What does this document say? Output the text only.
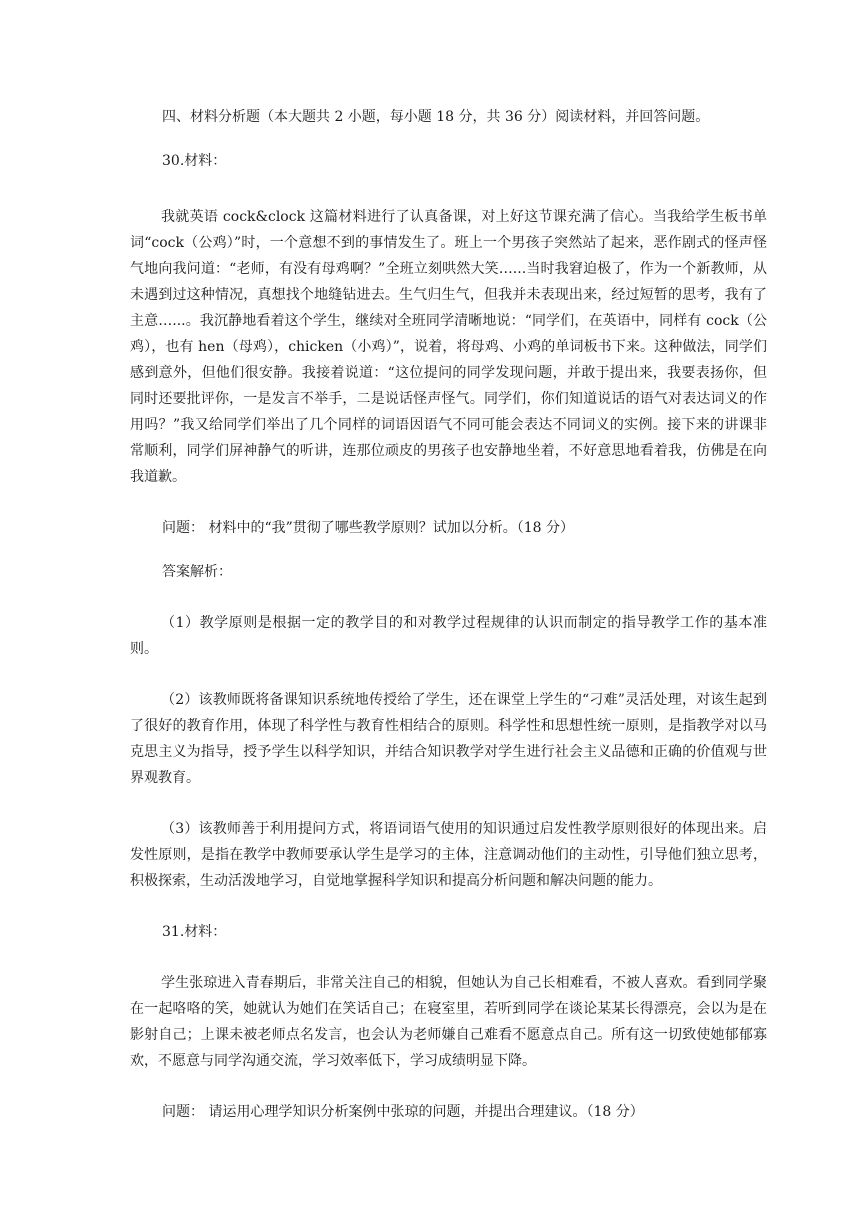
四、材料分析题（本大题共 2 小题，每小题 18 分，共 36 分）阅读材料，并回答问题。

30.材料：

我就英语 cock&clock 这篇材料进行了认真备课，对上好这节课充满了信心。当我给学生板书单词“cock（公鸡）”时，一个意想不到的事情发生了。班上一个男孩子突然站了起来，恶作剧式的怪声怪气地向我问道：“老师，有没有母鸡啊？”全班立刻哄然大笑…...当时我窘迫极了，作为一个新教师，从未遇到过这种情况，真想找个地缝钻进去。生气归生气，但我并未表现出来，经过短暂的思考，我有了主意…...。我沉静地看着这个学生，继续对全班同学清晰地说：“同学们，在英语中，同样有 cock（公鸡），也有 hen（母鸡），chicken（小鸡）”，说着，将母鸡、小鸡的单词板书下来。这种做法，同学们感到意外，但他们很安静。我接着说道：“这位提问的同学发现问题，并敢于提出来，我要表扬你，但同时还要批评你，一是发言不举手，二是说话怪声怪气。同学们，你们知道说话的语气对表达词义的作用吗？”我又给同学们举出了几个同样的词语因语气不同可能会表达不同词义的实例。接下来的讲课非常顺利，同学们屏神静气的听讲，连那位顽皮的男孩子也安静地坐着，不好意思地看着我，仿佛是在向我道歉。

问题： 材料中的“我”贯彻了哪些教学原则？试加以分析。（18 分）

答案解析：

（1）教学原则是根据一定的教学目的和对教学过程规律的认识而制定的指导教学工作的基本准则。

（2）该教师既将备课知识系统地传授给了学生，还在课堂上学生的“刁难”灵活处理，对该生起到了很好的教育作用，体现了科学性与教育性相结合的原则。科学性和思想性统一原则，是指教学对以马克思主义为指导，授予学生以科学知识，并结合知识教学对学生进行社会主义品德和正确的价值观与世界观教育。

（3）该教师善于利用提问方式，将语词语气使用的知识通过启发性教学原则很好的体现出来。启发性原则，是指在教学中教师要承认学生是学习的主体，注意调动他们的主动性，引导他们独立思考，积极探索，生动活泼地学习，自觉地掌握科学知识和提高分析问题和解决问题的能力。

31.材料：

学生张琼进入青春期后，非常关注自己的相貌，但她认为自己长相难看，不被人喜欢。看到同学聚在一起咯咯的笑，她就认为她们在笑话自己；在寝室里，若听到同学在谈论某某长得漂亮，会以为是在影射自己；上课未被老师点名发言，也会认为老师嫌自己难看不愿意点自己。所有这一切致使她郁郁寡欢，不愿意与同学沟通交流，学习效率低下，学习成绩明显下降。

问题： 请运用心理学知识分析案例中张琼的问题，并提出合理建议。（18 分）
